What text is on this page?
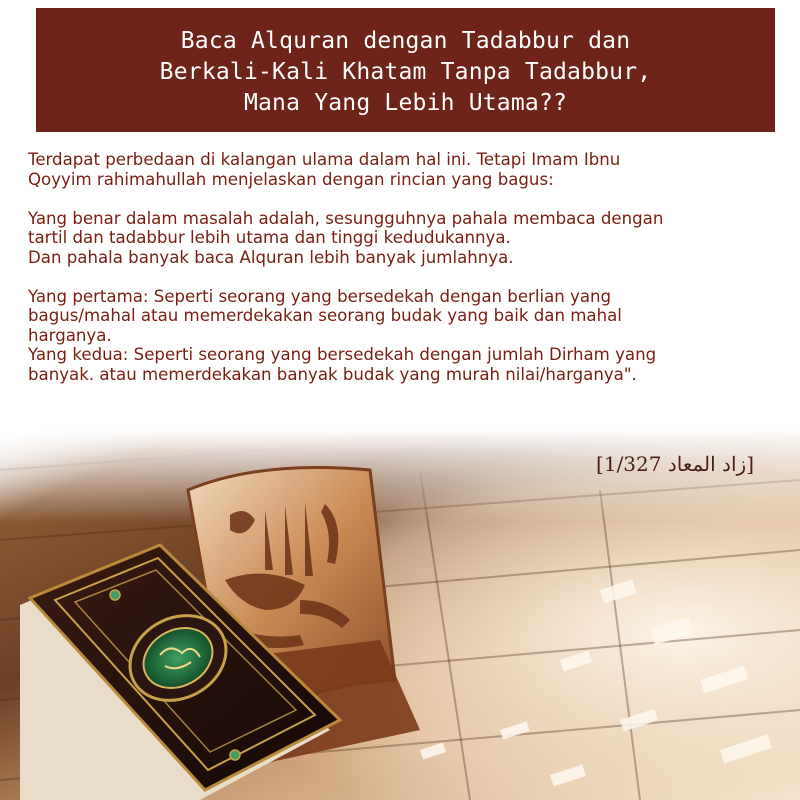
Baca Alquran dengan Tadabbur dan
Berkali-Kali Khatam Tanpa Tadabbur,
Mana Yang Lebih Utama??
Terdapat perbedaan di kalangan ulama dalam hal ini. Tetapi Imam Ibnu
Qoyyim rahimahullah menjelaskan dengan rincian yang bagus:
Yang benar dalam masalah adalah, sesungguhnya pahala membaca dengan
tartil dan tadabbur lebih utama dan tinggi kedudukannya.
Dan pahala banyak baca Alquran lebih banyak jumlahnya.
Yang pertama: Seperti seorang yang bersedekah dengan berlian yang
bagus/mahal atau memerdekakan seorang budak yang baik dan mahal
harganya.
Yang kedua: Seperti seorang yang bersedekah dengan jumlah Dirham yang
banyak. atau memerdekakan banyak budak yang murah nilai/harganya".
[زاد المعاد 1/327]
